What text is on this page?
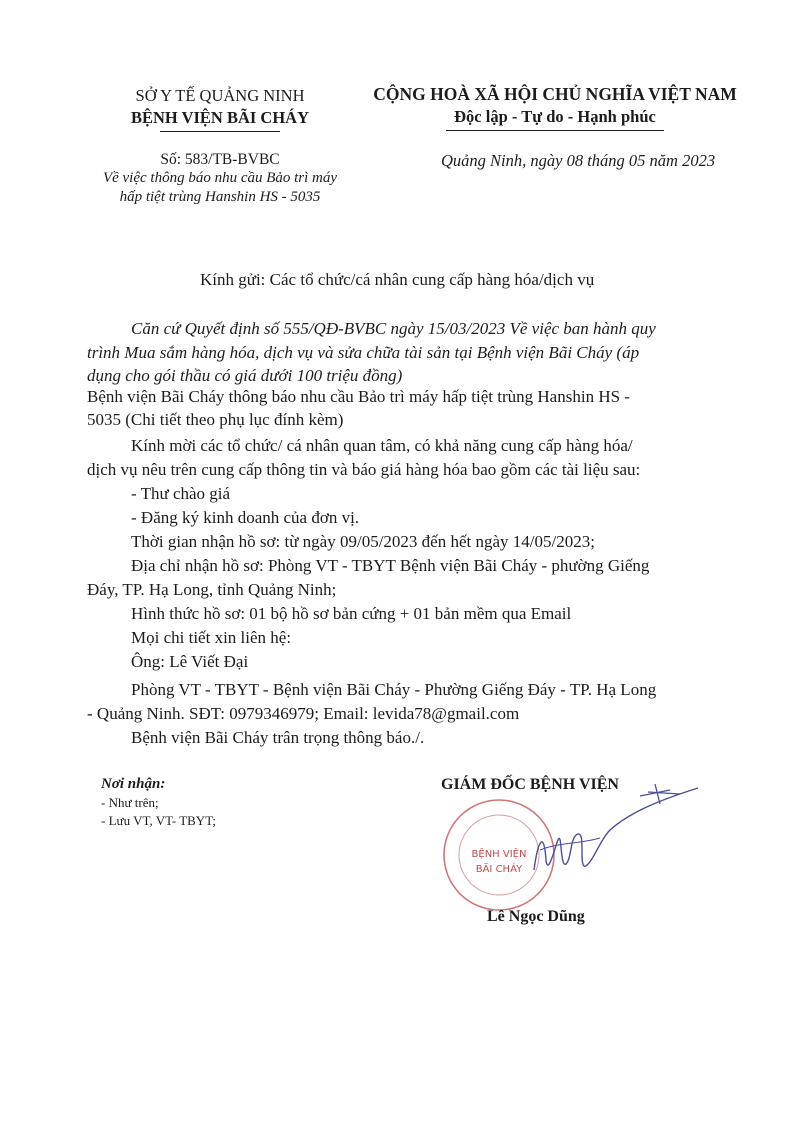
SỞ Y TẾ QUẢNG NINH
BỆNH VIỆN BÃI CHÁY
CỘNG HOÀ XÃ HỘI CHỦ NGHĨA VIỆT NAM
Độc lập - Tự do - Hạnh phúc
Số: 583/TB-BVBC
Về việc thông báo nhu cầu Bảo trì máy
hấp tiệt trùng Hanshin HS - 5035
Quảng Ninh, ngày 08 tháng 05 năm 2023
Kính gửi: Các tổ chức/cá nhân cung cấp hàng hóa/dịch vụ
Căn cứ Quyết định số 555/QĐ-BVBC ngày 15/03/2023 Về việc ban hành quy
trình Mua sắm hàng hóa, dịch vụ và sửa chữa tài sản tại Bệnh viện Bãi Cháy (áp
dụng cho gói thầu có giá dưới 100 triệu đồng)
Bệnh viện Bãi Cháy thông báo nhu cầu Bảo trì máy hấp tiệt trùng Hanshin HS -
5035 (Chi tiết theo phụ lục đính kèm)
Kính mời các tổ chức/ cá nhân quan tâm, có khả năng cung cấp hàng hóa/
dịch vụ nêu trên cung cấp thông tin và báo giá hàng hóa bao gồm các tài liệu sau:
- Thư chào giá
- Đăng ký kinh doanh của đơn vị.
Thời gian nhận hồ sơ: từ ngày 09/05/2023 đến hết ngày 14/05/2023;
Địa chỉ nhận hồ sơ: Phòng VT - TBYT Bệnh viện Bãi Cháy - phường Giếng
Đáy, TP. Hạ Long, tỉnh Quảng Ninh;
Hình thức hồ sơ: 01 bộ hồ sơ bản cứng + 01 bản mềm qua Email
Mọi chi tiết xin liên hệ:
Ông: Lê Viết Đại
Phòng VT - TBYT - Bệnh viện Bãi Cháy - Phường Giếng Đáy - TP. Hạ Long
- Quảng Ninh. SĐT: 0979346979; Email: levida78@gmail.com
Bệnh viện Bãi Cháy trân trọng thông báo./.
Nơi nhận:
- Như trên;
- Lưu VT, VT- TBYT;
GIÁM ĐỐC BỆNH VIỆN
BỆNH VIỆN
BÃI CHÁY
Lê Ngọc Dũng
